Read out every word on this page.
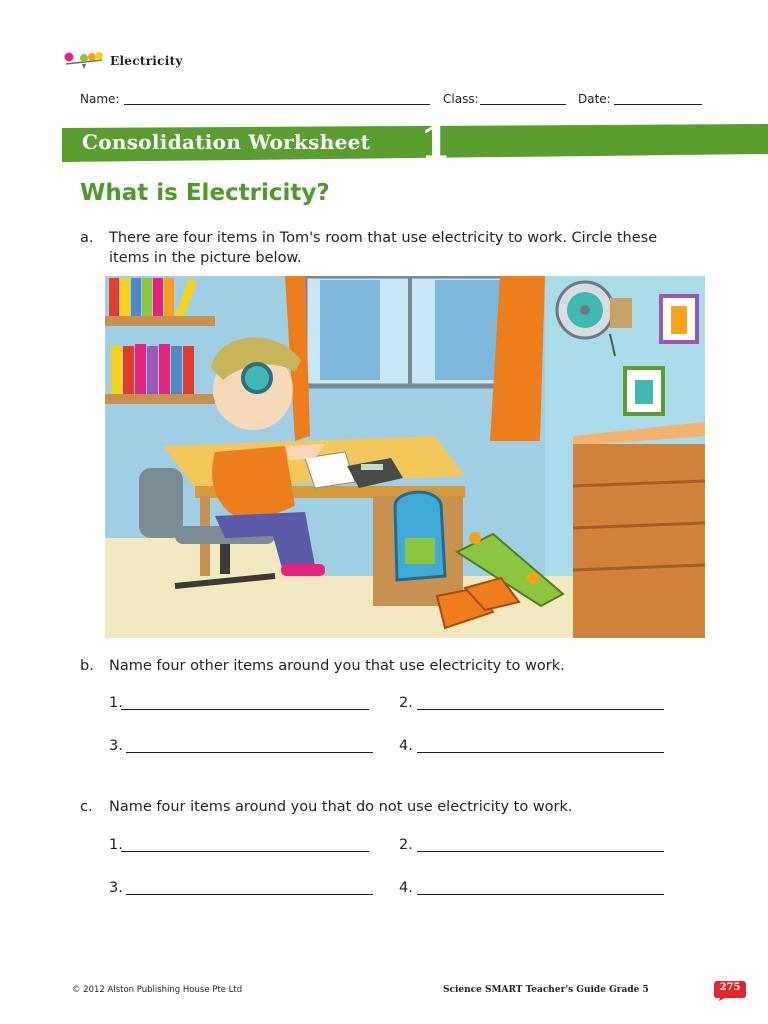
Electricity
Name:	Class:	Date:
Consolidation Worksheet 1
What is Electricity?
a. There are four items in Tom's room that use electricity to work. Circle these
items in the picture below.
b. Name four other items around you that use electricity to work.
1.	2.
3.	4.
c. Name four items around you that do not use electricity to work.
1.	2.
3.	4.
© 2012 Alston Publishing House Pte Ltd	Science SMART Teacher's Guide Grade 5	275
